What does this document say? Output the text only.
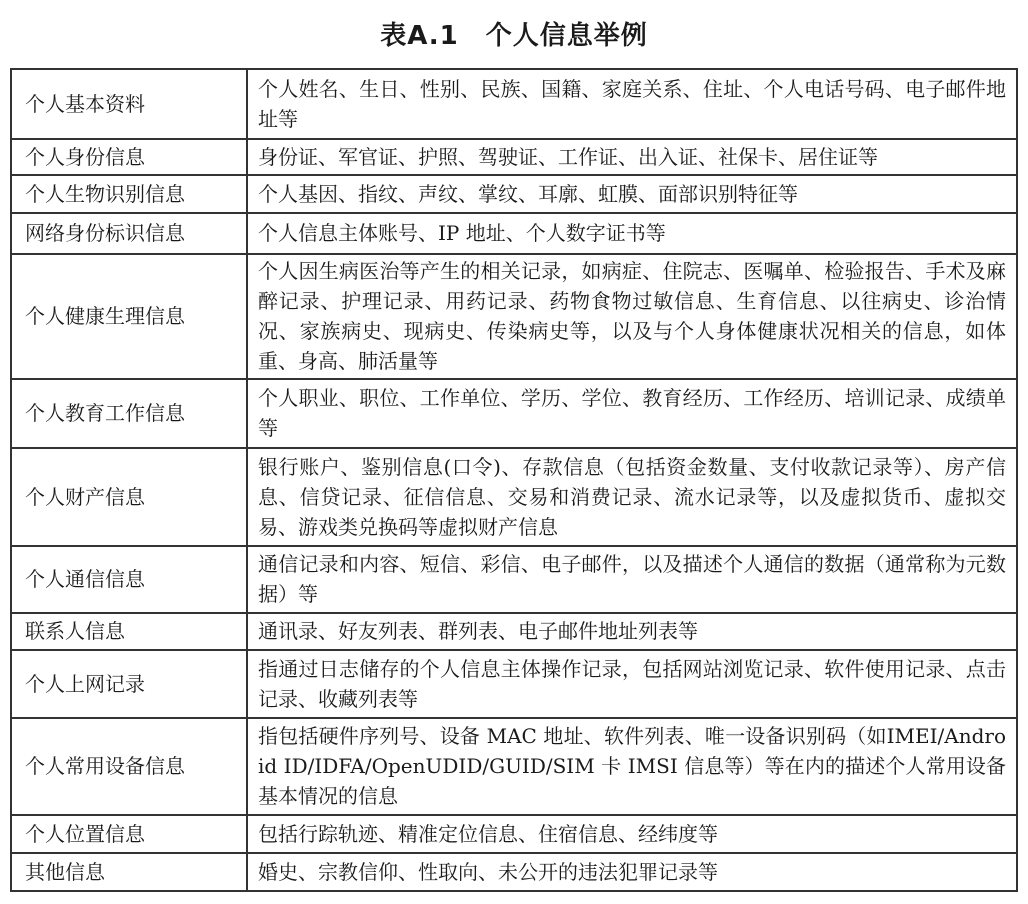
表A.1　个人信息举例
个人基本资料	个人姓名、生日、性别、民族、国籍、家庭关系、住址、个人电话号码、电子邮件地址等
个人身份信息	身份证、军官证、护照、驾驶证、工作证、出入证、社保卡、居住证等
个人生物识别信息	个人基因、指纹、声纹、掌纹、耳廓、虹膜、面部识别特征等
网络身份标识信息	个人信息主体账号、IP 地址、个人数字证书等
个人健康生理信息	个人因生病医治等产生的相关记录，如病症、住院志、医嘱单、检验报告、手术及麻醉记录、护理记录、用药记录、药物食物过敏信息、生育信息、以往病史、诊治情况、家族病史、现病史、传染病史等，以及与个人身体健康状况相关的信息，如体重、身高、肺活量等
个人教育工作信息	个人职业、职位、工作单位、学历、学位、教育经历、工作经历、培训记录、成绩单等
个人财产信息	银行账户、鉴别信息(口令)、存款信息（包括资金数量、支付收款记录等）、房产信息、信贷记录、征信信息、交易和消费记录、流水记录等，以及虚拟货币、虚拟交易、游戏类兑换码等虚拟财产信息
个人通信信息	通信记录和内容、短信、彩信、电子邮件，以及描述个人通信的数据（通常称为元数据）等
联系人信息	通讯录、好友列表、群列表、电子邮件地址列表等
个人上网记录	指通过日志储存的个人信息主体操作记录，包括网站浏览记录、软件使用记录、点击记录、收藏列表等
个人常用设备信息	指包括硬件序列号、设备 MAC 地址、软件列表、唯一设备识别码（如IMEI/Android ID/IDFA/OpenUDID/GUID/SIM 卡 IMSI 信息等）等在内的描述个人常用设备基本情况的信息
个人位置信息	包括行踪轨迹、精准定位信息、住宿信息、经纬度等
其他信息	婚史、宗教信仰、性取向、未公开的违法犯罪记录等
